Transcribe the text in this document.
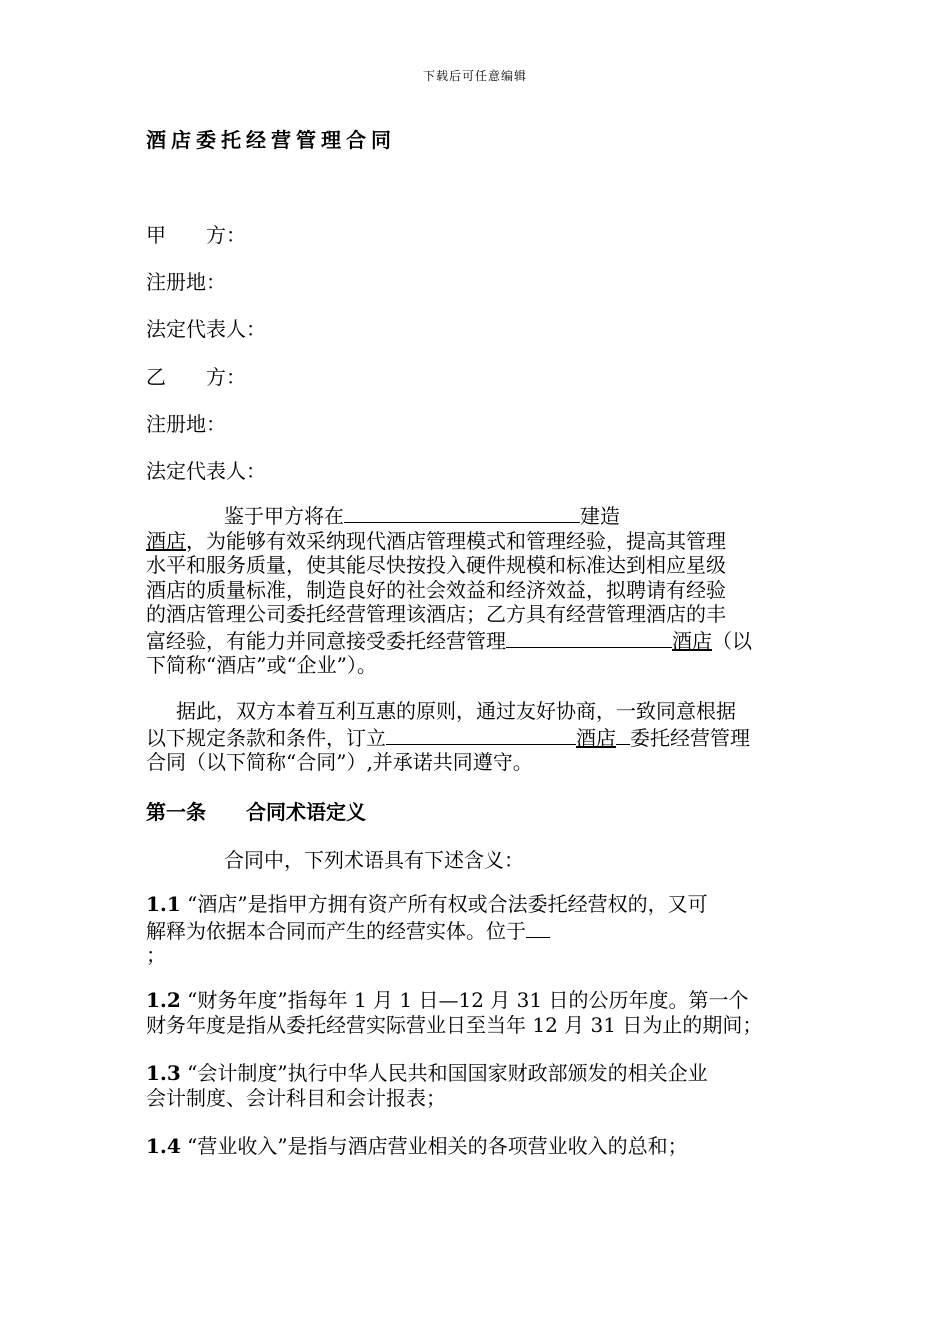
下载后可任意编辑
酒店委托经营管理合同
甲　　方：
注册地：
法定代表人：
乙　　方：
注册地：
法定代表人：
鉴于甲方将在	建造
酒店，为能够有效采纳现代酒店管理模式和管理经验，提高其管理
水平和服务质量，使其能尽快按投入硬件规模和标准达到相应星级
酒店的质量标准，制造良好的社会效益和经济效益，拟聘请有经验
的酒店管理公司委托经营管理该酒店；乙方具有经营管理酒店的丰
富经验，有能力并同意接受委托经营管理	酒店（以
下简称“酒店”或“企业”）。
据此，双方本着互利互惠的原则，通过友好协商，一致同意根据
以下规定条款和条件，订立	酒店 委托经营管理
合同（以下简称“合同”）,并承诺共同遵守。
第一条 合同术语定义
合同中，下列术语具有下述含义：
1.1 “酒店”是指甲方拥有资产所有权或合法委托经营权的，又可
解释为依据本合同而产生的经营实体。位于
；
1.2 “财务年度”指每年 1 月 1 日—12 月 31 日的公历年度。第一个
财务年度是指从委托经营实际营业日至当年 12 月 31 日为止的期间；
1.3 “会计制度”执行中华人民共和国国家财政部颁发的相关企业
会计制度、会计科目和会计报表；
1.4 “营业收入”是指与酒店营业相关的各项营业收入的总和；
